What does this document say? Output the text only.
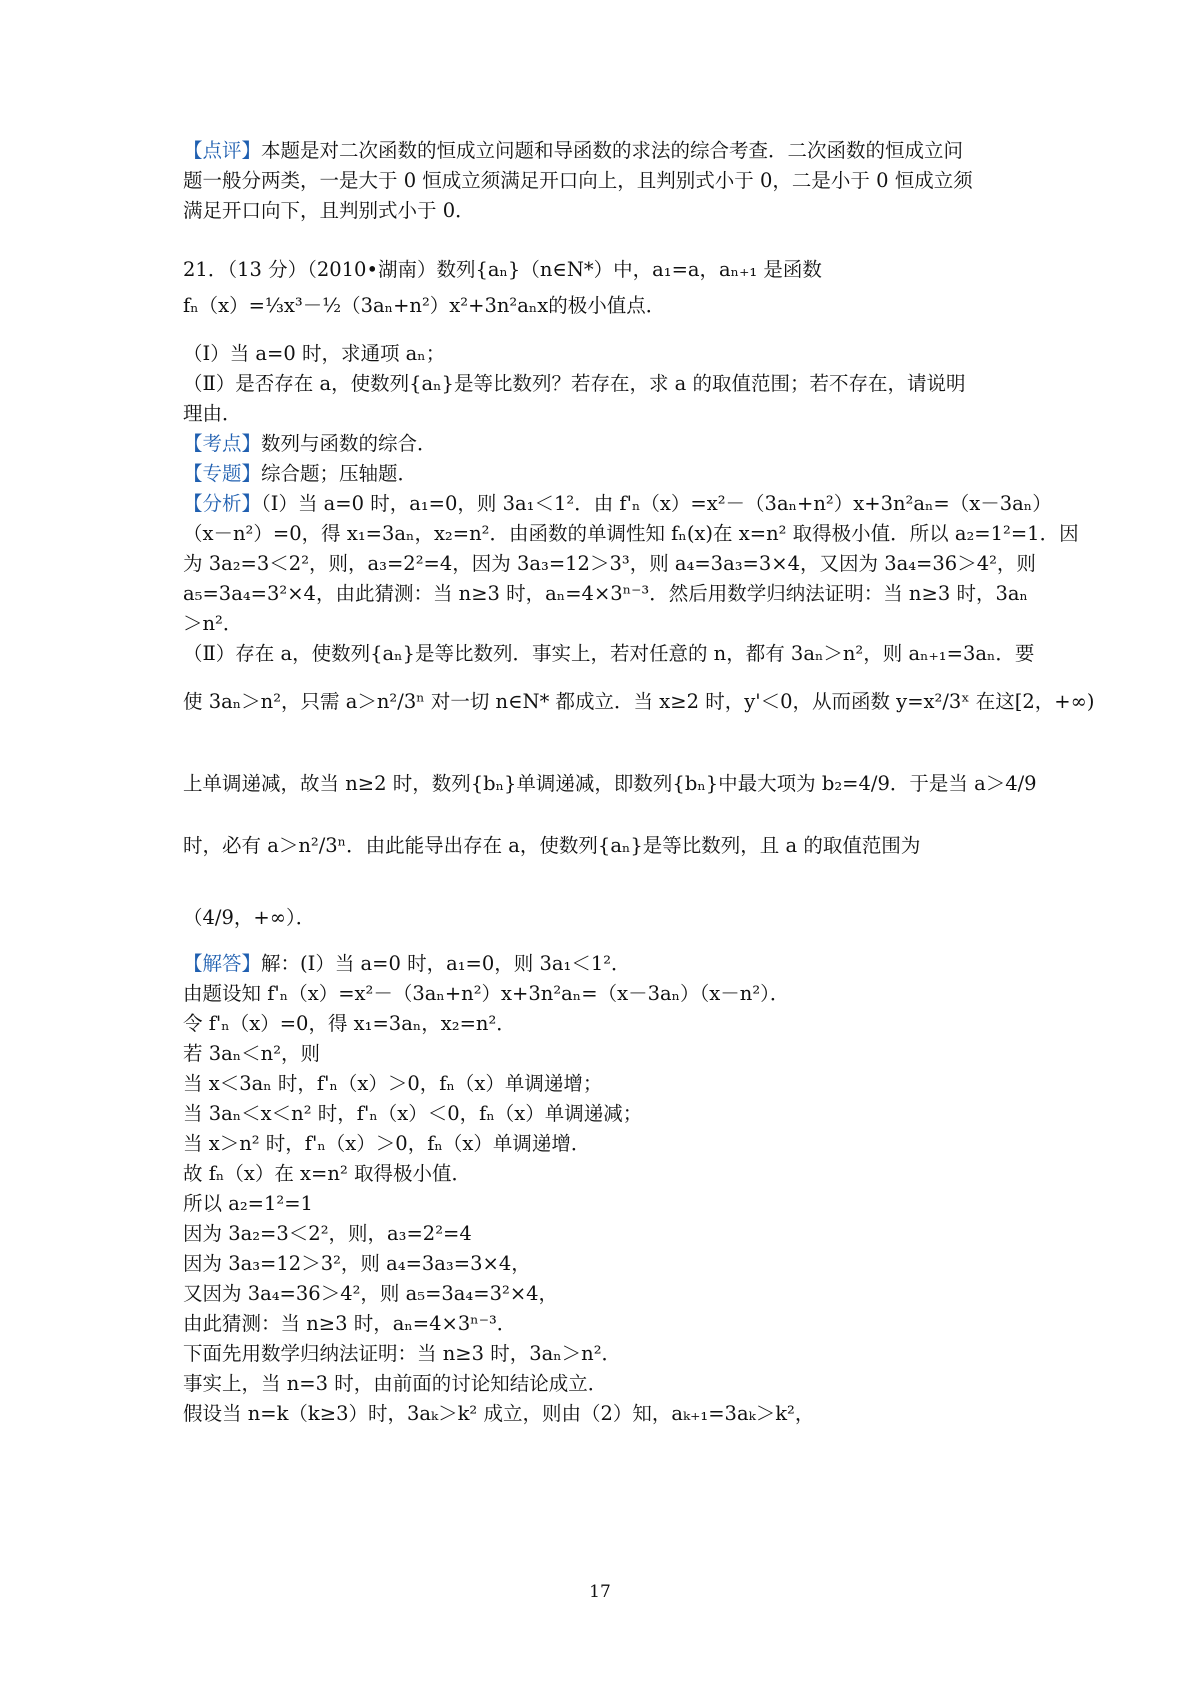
【点评】本题是对二次函数的恒成立问题和导函数的求法的综合考查．二次函数的恒成立问
题一般分两类，一是大于 0 恒成立须满足开口向上，且判别式小于 0，二是小于 0 恒成立须
满足开口向下，且判别式小于 0．
21．（13 分）（2010•湖南）数列{aₙ}（n∈N*）中，a₁=a，aₙ₊₁ 是函数
fₙ（x）=⅓x³－½（3aₙ+n²）x²+3n²aₙx的极小值点．
（Ⅰ）当 a=0 时，求通项 aₙ；
（Ⅱ）是否存在 a，使数列{aₙ}是等比数列？若存在，求 a 的取值范围；若不存在，请说明
理由．
【考点】数列与函数的综合．
【专题】综合题；压轴题．
【分析】（Ⅰ）当 a=0 时，a₁=0，则 3a₁＜1²．由 f'ₙ（x）=x²－（3aₙ+n²）x+3n²aₙ=（x－3aₙ）
（x－n²）=0，得 x₁=3aₙ，x₂=n²．由函数的单调性知 fₙ(x)在 x=n² 取得极小值．所以 a₂=1²=1．因
为 3a₂=3＜2²，则，a₃=2²=4，因为 3a₃=12＞3³，则 a₄=3a₃=3×4，又因为 3a₄=36＞4²，则
a₅=3a₄=3²×4，由此猜测：当 n≥3 时，aₙ=4×3ⁿ⁻³．然后用数学归纳法证明：当 n≥3 时，3aₙ
＞n²．
（Ⅱ）存在 a，使数列{aₙ}是等比数列．事实上，若对任意的 n，都有 3aₙ＞n²，则 aₙ₊₁=3aₙ．要
使 3aₙ＞n²，只需 a＞n²/3ⁿ 对一切 n∈N* 都成立．当 x≥2 时，y'＜0，从而函数 y=x²/3ˣ 在这[2，+∞)
上单调递减，故当 n≥2 时，数列{bₙ}单调递减，即数列{bₙ}中最大项为 b₂=4/9．于是当 a＞4/9
时，必有 a＞n²/3ⁿ．由此能导出存在 a，使数列{aₙ}是等比数列，且 a 的取值范围为
（4/9，+∞）．
【解答】解：(Ⅰ）当 a=0 时，a₁=0，则 3a₁＜1²．
由题设知 f'ₙ（x）=x²－（3aₙ+n²）x+3n²aₙ=（x－3aₙ）（x－n²）．
令 f'ₙ（x）=0，得 x₁=3aₙ，x₂=n²．
若 3aₙ＜n²，则
当 x＜3aₙ 时，f'ₙ（x）＞0，fₙ（x）单调递增；
当 3aₙ＜x＜n² 时，f'ₙ（x）＜0，fₙ（x）单调递减；
当 x＞n² 时，f'ₙ（x）＞0，fₙ（x）单调递增．
故 fₙ（x）在 x=n² 取得极小值．
所以 a₂=1²=1
因为 3a₂=3＜2²，则，a₃=2²=4
因为 3a₃=12＞3²，则 a₄=3a₃=3×4，
又因为 3a₄=36＞4²，则 a₅=3a₄=3²×4，
由此猜测：当 n≥3 时，aₙ=4×3ⁿ⁻³．
下面先用数学归纳法证明：当 n≥3 时，3aₙ＞n²．
事实上，当 n=3 时，由前面的讨论知结论成立．
假设当 n=k（k≥3）时，3aₖ＞k² 成立，则由（2）知，aₖ₊₁=3aₖ＞k²，
17
